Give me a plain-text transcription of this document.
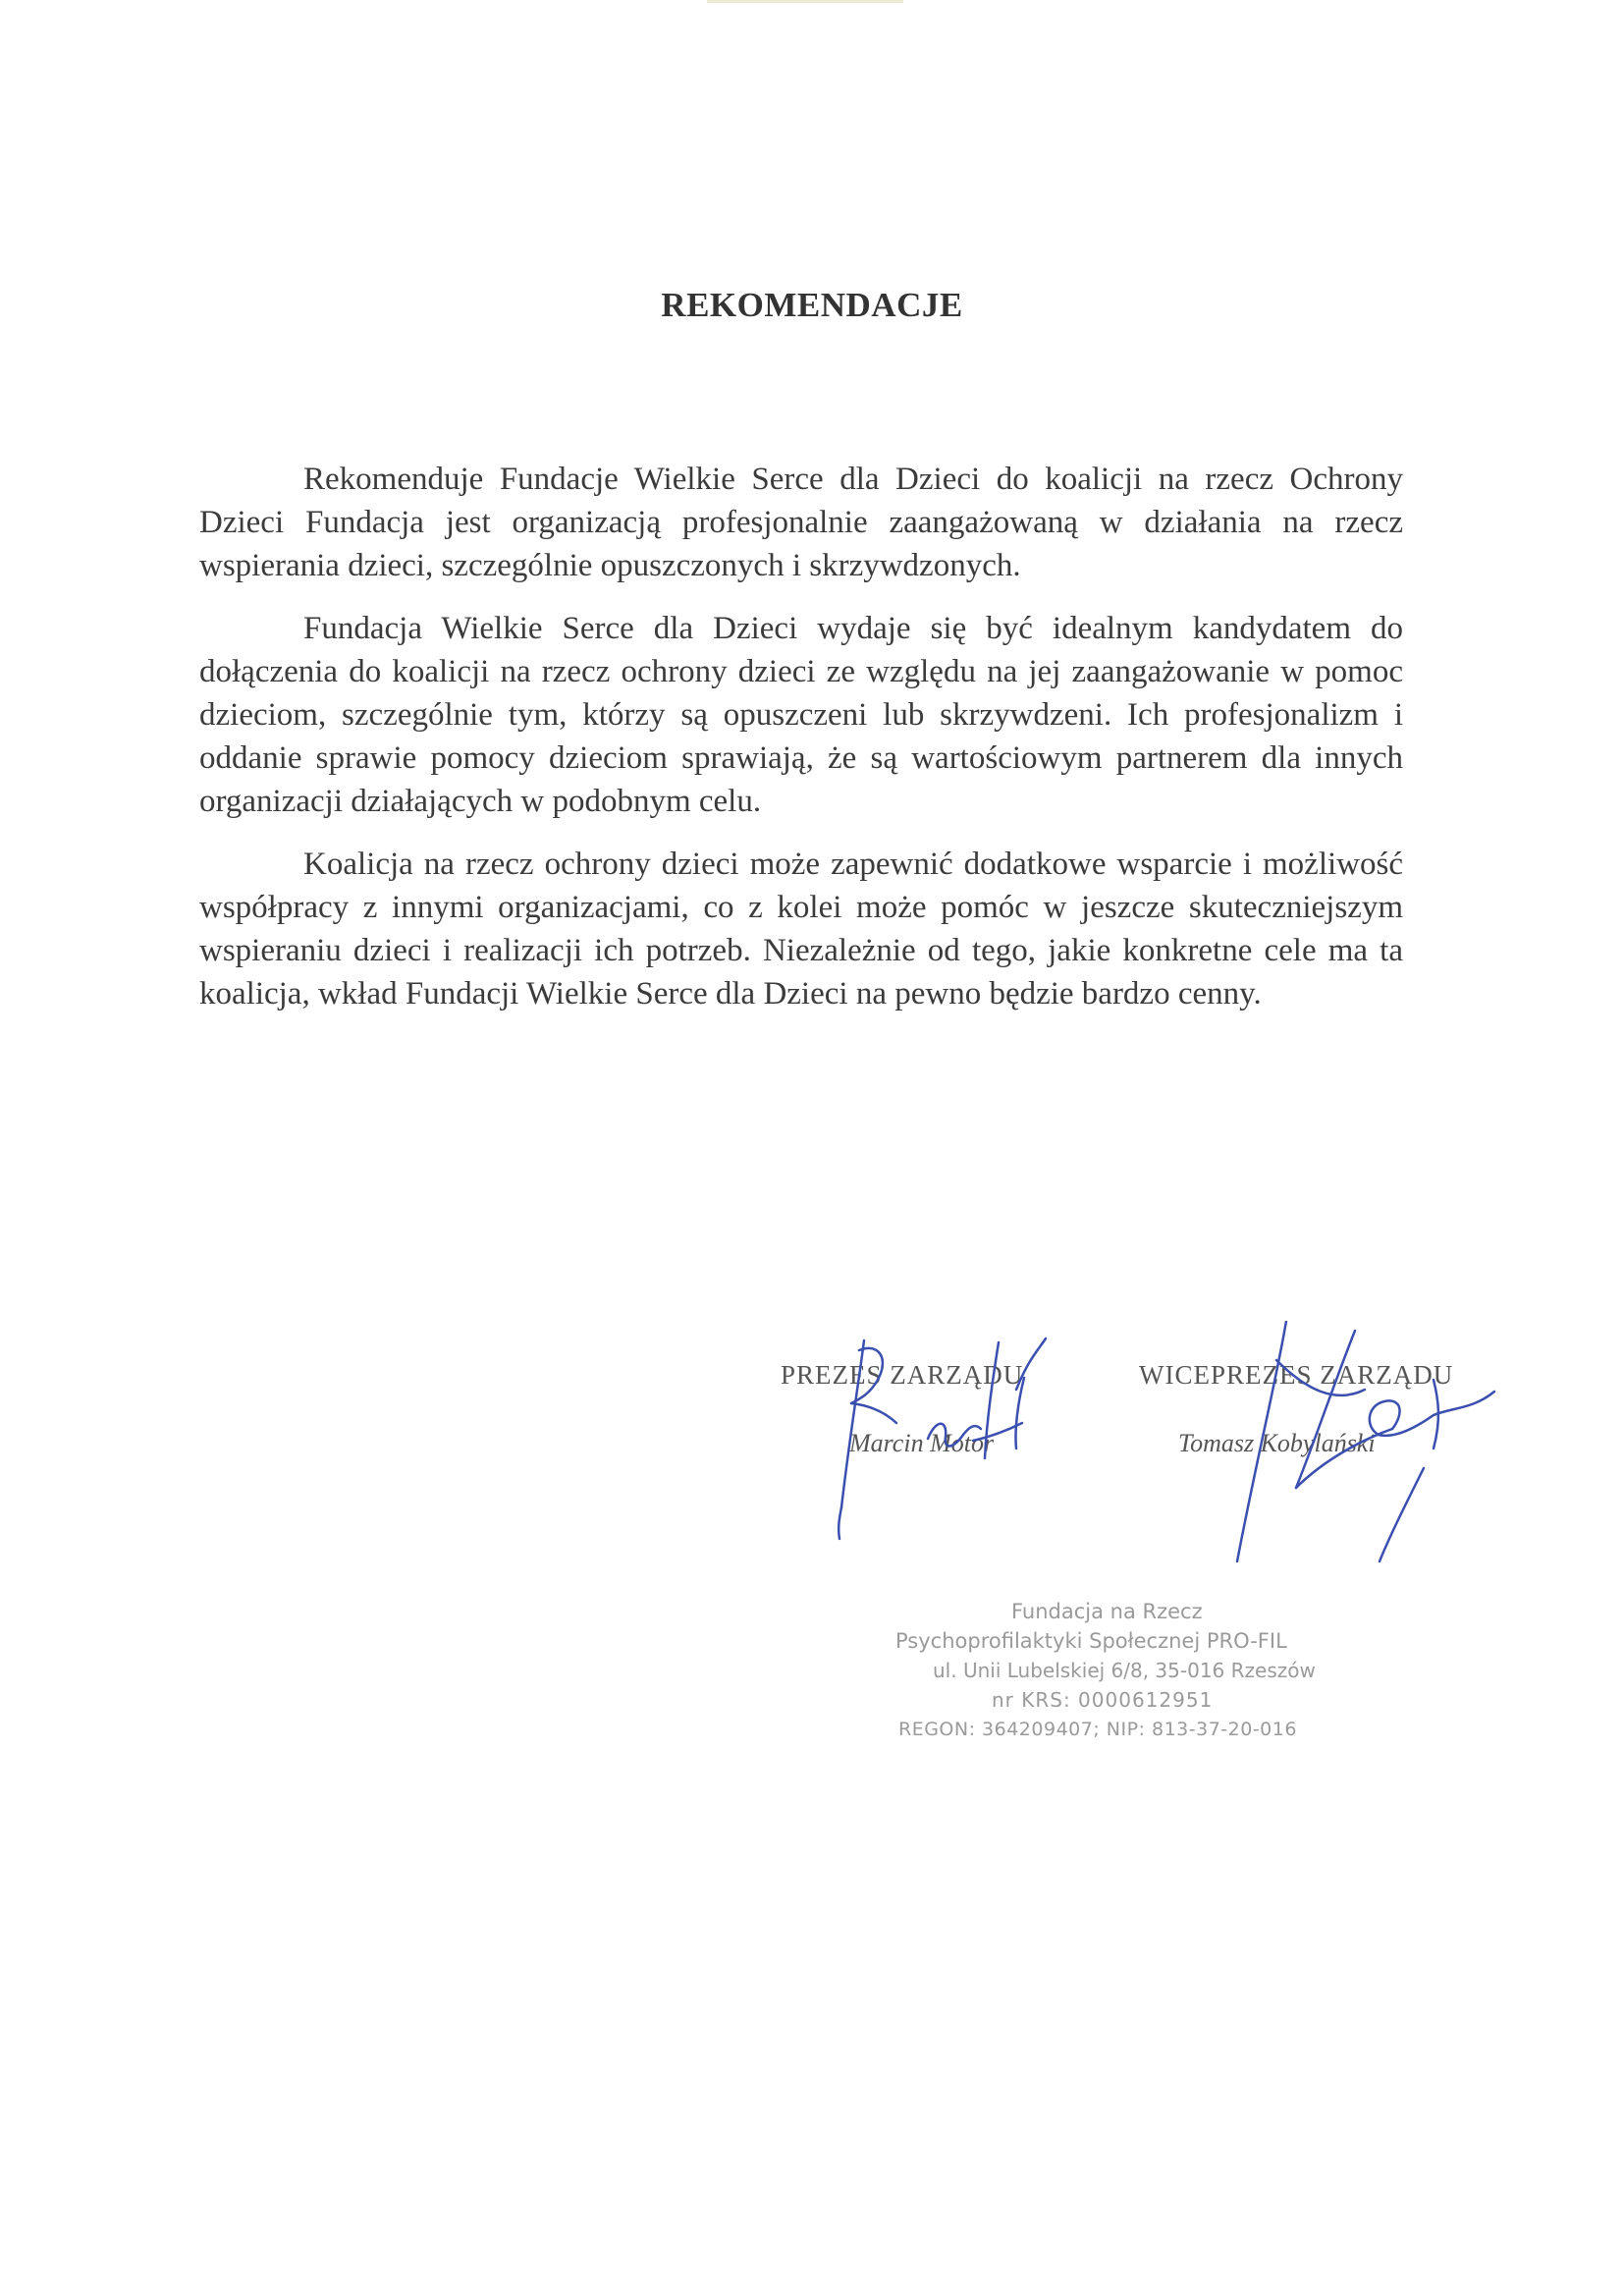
REKOMENDACJE

Rekomenduje Fundacje Wielkie Serce dla Dzieci do koalicji na rzecz Ochrony Dzieci Fundacja jest organizacją profesjonalnie zaangażowaną w działania na rzecz wspierania dzieci, szczególnie opuszczonych i skrzywdzonych.

Fundacja Wielkie Serce dla Dzieci wydaje się być idealnym kandydatem do dołączenia do koalicji na rzecz ochrony dzieci ze względu na jej zaangażowanie w pomoc dzieciom, szczególnie tym, którzy są opuszczeni lub skrzywdzeni. Ich profesjonalizm i oddanie sprawie pomocy dzieciom sprawiają, że są wartościowym partnerem dla innych organizacji działających w podobnym celu.

Koalicja na rzecz ochrony dzieci może zapewnić dodatkowe wsparcie i możliwość współpracy z innymi organizacjami, co z kolei może pomóc w jeszcze skuteczniejszym wspieraniu dzieci i realizacji ich potrzeb. Niezależnie od tego, jakie konkretne cele ma ta koalicja, wkład Fundacji Wielkie Serce dla Dzieci na pewno będzie bardzo cenny.

PREZES ZARZĄDU
Marcin Motor
WICEPREZES ZARZĄDU
Tomasz Kobylański
Fundacja na Rzecz
Psychoprofilaktyki Społecznej PRO-FIL
ul. Unii Lubelskiej 6/8, 35-016 Rzeszów
nr KRS: 0000612951
REGON: 364209407; NIP: 813-37-20-016
